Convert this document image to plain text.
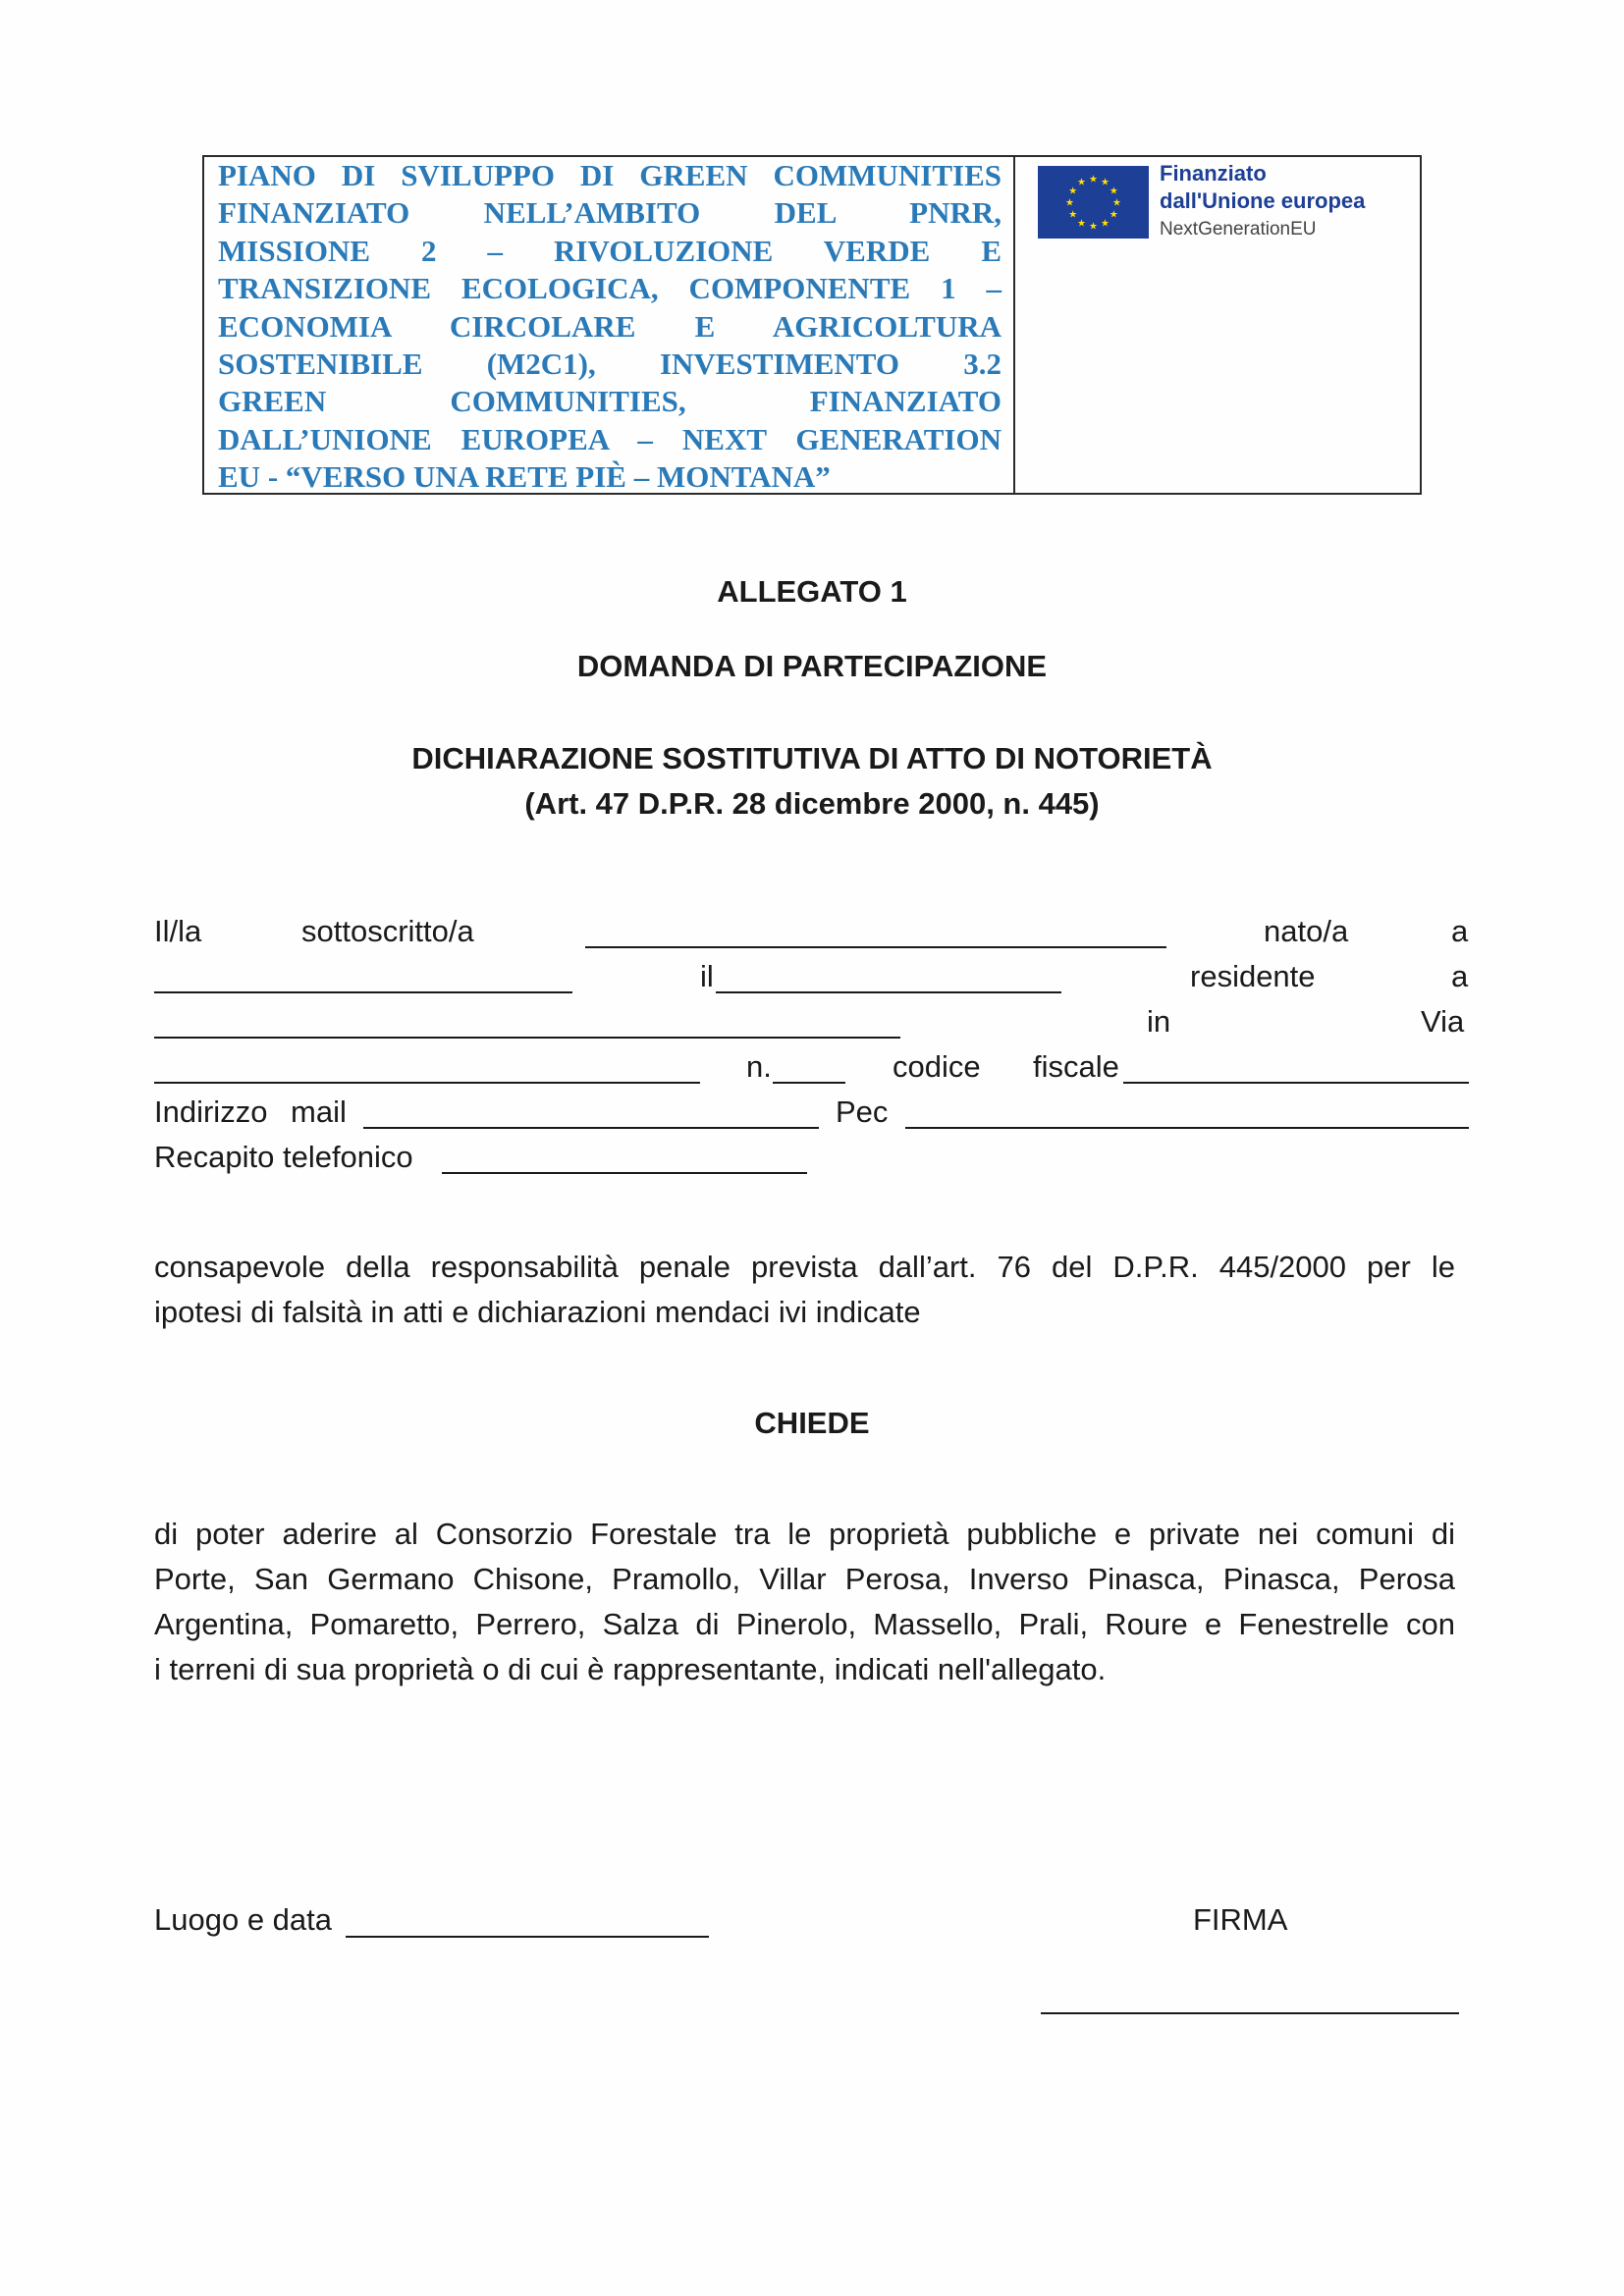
PIANO DI SVILUPPO DI GREEN COMMUNITIES
FINANZIATO NELL’AMBITO DEL PNRR,
MISSIONE 2 – RIVOLUZIONE VERDE E
TRANSIZIONE ECOLOGICA, COMPONENTE 1 –
ECONOMIA CIRCOLARE E AGRICOLTURA
SOSTENIBILE (M2C1), INVESTIMENTO 3.2
GREEN COMMUNITIES, FINANZIATO
DALL’UNIONE EUROPEA – NEXT GENERATION
EU - “VERSO UNA RETE PIÈ – MONTANA”
★ ★
★
★
★
★
★
★
★
★
★
★	Finanziato
dall'Unione europea
NextGenerationEU
ALLEGATO 1
DOMANDA DI PARTECIPAZIONE
DICHIARAZIONE SOSTITUTIVA DI ATTO DI NOTORIETÀ
(Art. 47 D.P.R. 28 dicembre 2000, n. 445)
Il/la	sottoscritto/a	nato/a	a
il	residente	a
in	Via
n.	codice fiscale
Indirizzo mail	Pec
Recapito telefonico
consapevole della responsabilità penale prevista dall’art. 76 del D.P.R. 445/2000 per le
ipotesi di falsità in atti e dichiarazioni mendaci ivi indicate
CHIEDE
di poter aderire al Consorzio Forestale tra le proprietà pubbliche e private nei comuni di
Porte, San Germano Chisone, Pramollo, Villar Perosa, Inverso Pinasca, Pinasca, Perosa
Argentina, Pomaretto, Perrero, Salza di Pinerolo, Massello, Prali, Roure e Fenestrelle con
i terreni di sua proprietà o di cui è rappresentante, indicati nell'allegato.
Luogo e data	FIRMA
